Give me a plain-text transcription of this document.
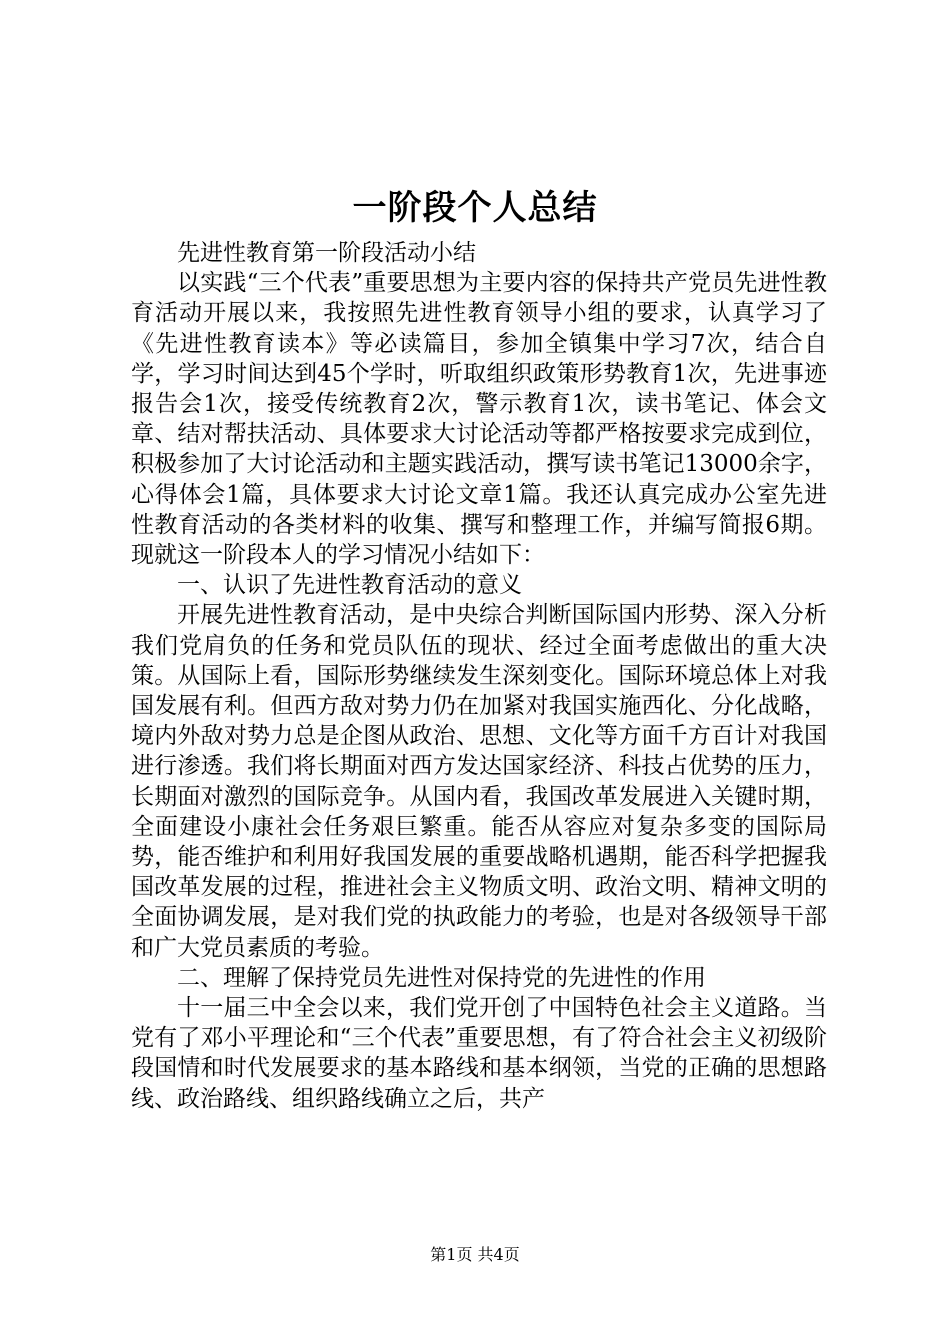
一阶段个人总结

先进性教育第一阶段活动小结

以实践“三个代表”重要思想为主要内容的保持共产党员先进性教育活动开展以来，我按照先进性教育领导小组的要求，认真学习了《先进性教育读本》等必读篇目，参加全镇集中学习7次，结合自学，学习时间达到45个学时，听取组织政策形势教育1次，先进事迹报告会1次，接受传统教育2次，警示教育1次，读书笔记、体会文章、结对帮扶活动、具体要求大讨论活动等都严格按要求完成到位，积极参加了大讨论活动和主题实践活动，撰写读书笔记13000余字，心得体会1篇，具体要求大讨论文章1篇。我还认真完成办公室先进性教育活动的各类材料的收集、撰写和整理工作，并编写简报6期。现就这一阶段本人的学习情况小结如下：

一、认识了先进性教育活动的意义

开展先进性教育活动，是中央综合判断国际国内形势、深入分析我们党肩负的任务和党员队伍的现状、经过全面考虑做出的重大决策。从国际上看，国际形势继续发生深刻变化。国际环境总体上对我国发展有利。但西方敌对势力仍在加紧对我国实施西化、分化战略，境内外敌对势力总是企图从政治、思想、文化等方面千方百计对我国进行渗透。我们将长期面对西方发达国家经济、科技占优势的压力，长期面对激烈的国际竞争。从国内看，我国改革发展进入关键时期，全面建设小康社会任务艰巨繁重。能否从容应对复杂多变的国际局势，能否维护和利用好我国发展的重要战略机遇期，能否科学把握我国改革发展的过程，推进社会主义物质文明、政治文明、精神文明的全面协调发展，是对我们党的执政能力的考验，也是对各级领导干部和广大党员素质的考验。

二、理解了保持党员先进性对保持党的先进性的作用

十一届三中全会以来，我们党开创了中国特色社会主义道路。当党有了邓小平理论和“三个代表”重要思想，有了符合社会主义初级阶段国情和时代发展要求的基本路线和基本纲领，当党的正确的思想路线、政治路线、组织路线确立之后，共产

第1页 共4页
